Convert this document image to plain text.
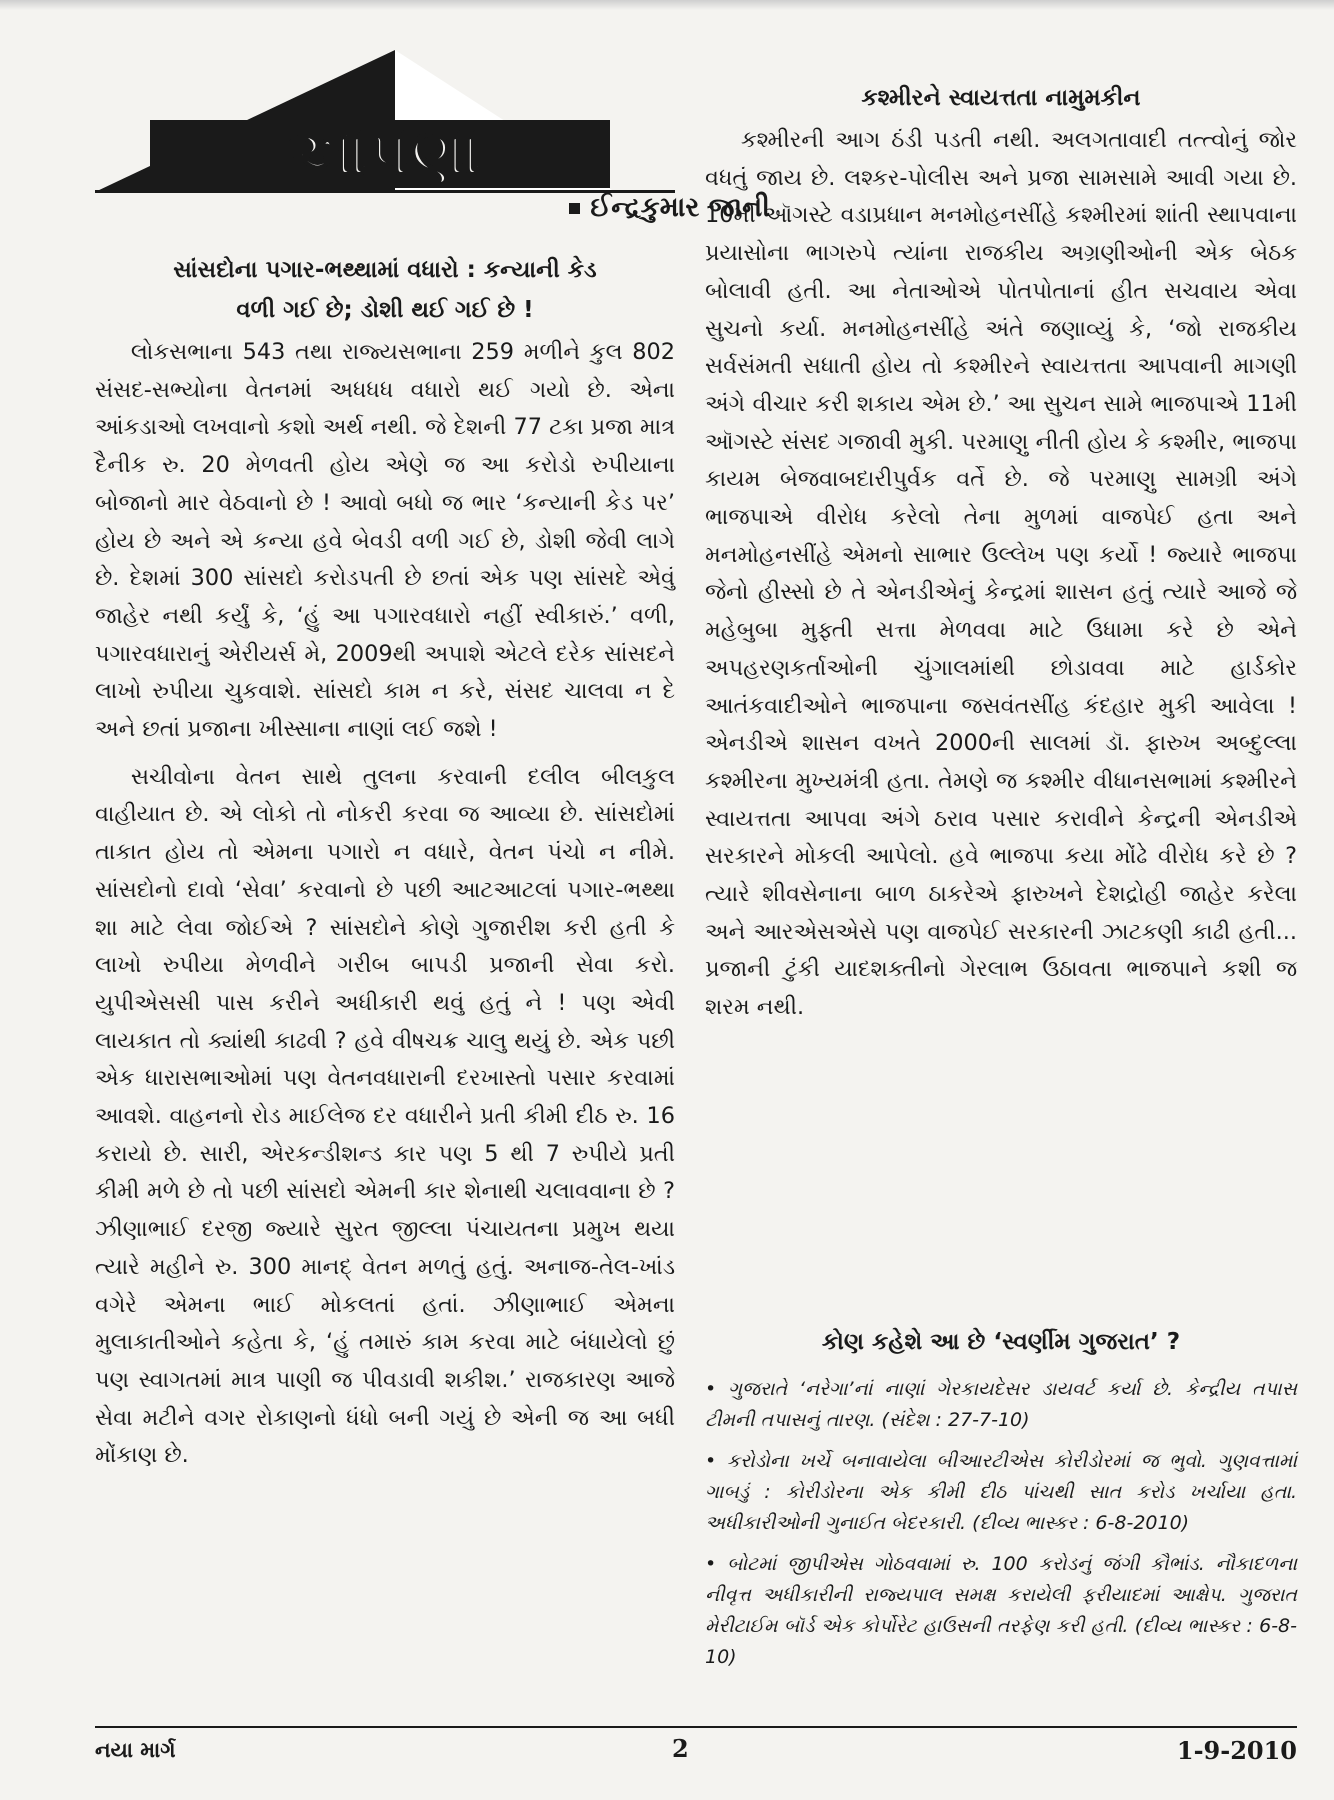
આપણા
ઈન્દ્રકુમાર જાની

સાંસદોના પગાર-ભથ્થામાં વધારો : કન્યાની કેડ

વળી ગઈ છે; ડોશી થઈ ગઈ છે !

લોકસભાના 543 તથા રાજ્યસભાના 259 મળીને કુલ 802 સંસદ-સભ્યોના વેતનમાં અધધધ વધારો થઈ ગયો છે. એના આંકડાઓ લખવાનો કશો અર્થ નથી. જે દેશની 77 ટકા પ્રજા માત્ર દૈનીક રુ. 20 મેળવતી હોય એણે જ આ કરોડો રુપીયાના બોજાનો માર વેઠવાનો છે ! આવો બધો જ ભાર ‘કન્યાની કેડ પર’ હોય છે અને એ કન્યા હવે બેવડી વળી ગઈ છે, ડોશી જેવી લાગે છે. દેશમાં 300 સાંસદો કરોડપતી છે છતાં એક પણ સાંસદે એવું જાહેર નથી કર્યું કે, ‘હું આ પગારવધારો નહીં સ્વીકારું.’ વળી, પગારવધારાનું એરીયર્સ મે, 2009થી અપાશે એટલે દરેક સાંસદને લાખો રુપીયા ચુકવાશે. સાંસદો કામ ન કરે, સંસદ ચાલવા ન દે અને છતાં પ્રજાના ખીસ્સાના નાણાં લઈ જશે !

સચીવોના વેતન સાથે તુલના કરવાની દલીલ બીલકુલ વાહીયાત છે. એ લોકો તો નોકરી કરવા જ આવ્યા છે. સાંસદોમાં તાકાત હોય તો એમના પગારો ન વધારે, વેતન પંચો ન નીમે. સાંસદોનો દાવો ‘સેવા’ કરવાનો છે પછી આટઆટલાં પગાર-ભથ્થા શા માટે લેવા જોઈએ ? સાંસદોને કોણે ગુજારીશ કરી હતી કે લાખો રુપીયા મેળવીને ગરીબ બાપડી પ્રજાની સેવા કરો. યુપીએસસી પાસ કરીને અધીકારી થવું હતું ને ! પણ એવી લાયકાત તો ક્યાંથી કાઢવી ? હવે વીષચક્ર ચાલુ થયું છે. એક પછી એક ધારાસભાઓમાં પણ વેતનવધારાની દરખાસ્તો પસાર કરવામાં આવશે. વાહનનો રોડ માઈલેજ દર વધારીને પ્રતી કીમી દીઠ રુ. 16 કરાયો છે. સારી, એરકન્ડીશન્ડ કાર પણ 5 થી 7 રુપીયે પ્રતી કીમી મળે છે તો પછી સાંસદો એમની કાર શેનાથી ચલાવવાના છે ? ઝીણાભાઈ દરજી જ્યારે સુરત જીલ્લા પંચાયતના પ્રમુખ થયા ત્યારે મહીને રુ. 300 માનદ્ વેતન મળતું હતું. અનાજ-તેલ-ખાંડ વગેરે એમના ભાઈ મોકલતાં હતાં. ઝીણાભાઈ એમના મુલાકાતીઓને કહેતા કે, ‘હું તમારું કામ કરવા માટે બંધાયેલો છું પણ સ્વાગતમાં માત્ર પાણી જ પીવડાવી શકીશ.’ રાજકારણ આજે સેવા મટીને વગર રોકાણનો ધંધો બની ગયું છે એની જ આ બધી મોંકાણ છે.

કશ્મીરને સ્વાયત્તતા નામુમકીન

કશ્મીરની આગ ઠંડી પડતી નથી. અલગતાવાદી તત્ત્વોનું જોર વધતું જાય છે. લશ્કર-પોલીસ અને પ્રજા સામસામે આવી ગયા છે. 10મી ઑગસ્ટે વડાપ્રધાન મનમોહનસીંહે કશ્મીરમાં શાંતી સ્થાપવાના પ્રયાસોના ભાગરુપે ત્યાંના રાજકીય અગ્રણીઓની એક બેઠક બોલાવી હતી. આ નેતાઓએ પોતપોતાનાં હીત સચવાય એવા સુચનો કર્યા. મનમોહનસીંહે અંતે જણાવ્યું કે, ‘જો રાજકીય સર્વસંમતી સધાતી હોય તો કશ્મીરને સ્વાયત્તતા આપવાની માગણી અંગે વીચાર કરી શકાય એમ છે.’ આ સુચન સામે ભાજપાએ 11મી ઑગસ્ટે સંસદ ગજાવી મુકી. પરમાણુ નીતી હોય કે કશ્મીર, ભાજપા કાયમ બેજવાબદારીપુર્વક વર્તે છે. જે પરમાણુ સામગ્રી અંગે ભાજપાએ વીરોધ કરેલો તેના મુળમાં વાજપેઈ હતા અને મનમોહનસીંહે એમનો સાભાર ઉલ્લેખ પણ કર્યો ! જ્યારે ભાજપા જેનો હીસ્સો છે તે એનડીએનું કેન્દ્રમાં શાસન હતું ત્યારે આજે જે મહેબુબા મુફ્તી સત્તા મેળવવા માટે ઉધામા કરે છે એને અપહરણકર્તાઓની ચુંગાલમાંથી છોડાવવા માટે હાર્ડકોર આતંકવાદીઓને ભાજપાના જસવંતસીંહ કંદહાર મુકી આવેલા ! એનડીએ શાસન વખતે 2000ની સાલમાં ડૉ. ફારુખ અબ્દુલ્લા કશ્મીરના મુખ્યમંત્રી હતા. તેમણે જ કશ્મીર વીધાનસભામાં કશ્મીરને સ્વાયત્તતા આપવા અંગે ઠરાવ પસાર કરાવીને કેન્દ્રની એનડીએ સરકારને મોકલી આપેલો. હવે ભાજપા કયા મોંઢે વીરોધ કરે છે ? ત્યારે શીવસેનાના બાળ ઠાકરેએ ફારુખને દેશદ્રોહી જાહેર કરેલા અને આરએસએસે પણ વાજપેઈ સરકારની ઝાટકણી કાઢી હતી... પ્રજાની ટુંકી યાદશક્તીનો ગેરલાભ ઉઠાવતા ભાજપાને કશી જ શરમ નથી.

કોણ કહેશે આ છે ‘સ્વર્ણીમ ગુજરાત’ ?

• ગુજરાતે ‘નરેગા’નાં નાણાં ગેરકાયદેસર ડાયવર્ટ કર્યા છે. કેન્દ્રીય તપાસ ટીમની તપાસનું તારણ. (સંદેશ : 27-7-10)
• કરોડોના ખર્ચે બનાવાયેલા બીઆરટીએસ કોરીડોરમાં જ ભુવો. ગુણવત્તામાં ગાબડું : કોરીડોરના એક કીમી દીઠ પાંચથી સાત કરોડ ખર્ચાયા હતા. અધીકારીઓની ગુનાઈત બેદરકારી. (દીવ્ય ભાસ્કર : 6-8-2010)
• બોટમાં જીપીએસ ગોઠવવામાં રુ. 100 કરોડનું જંગી કૌભાંડ. નૌકાદળના નીવૃત્ત અધીકારીની રાજ્યપાલ સમક્ષ કરાયેલી ફરીયાદમાં આક્ષેપ. ગુજરાત મેરીટાઈમ બૉર્ડ એક કોર્પોરેટ હાઉસની તરફેણ કરી હતી. (દીવ્ય ભાસ્કર : 6-8-10)
નયા માર્ગ	2	1-9-2010
